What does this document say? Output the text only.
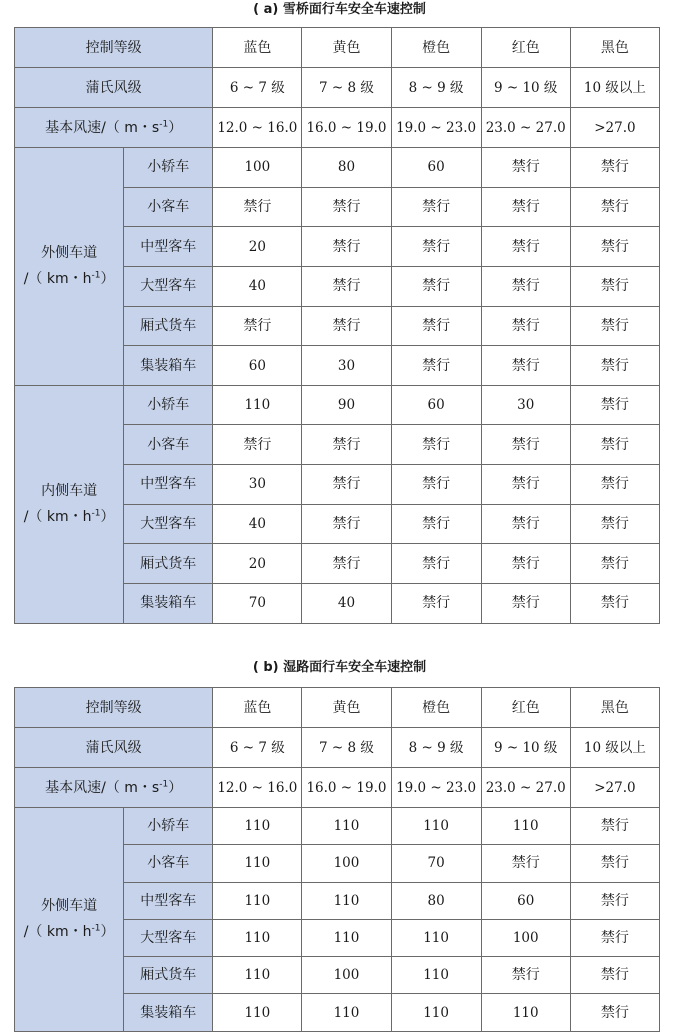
( a) 雪桥面行车安全车速控制
控制等级		蓝色	黄色	橙色	红色	黑色
蒲氏风级		6 ~ 7 级	7 ~ 8 级	8 ~ 9 级	9 ~ 10 级	10 级以上
基本风速/（ m・$s^{-1}$）		12.0 ~ 16.0	16.0 ~ 19.0	19.0 ~ 23.0	23.0 ~ 27.0	>27.0

外侧车道
/（ km・$h^{-1}$）	小轿车	100	80	60	禁行	禁行
	小客车	禁行	禁行	禁行	禁行	禁行
	中型客车	20	禁行	禁行	禁行	禁行
	大型客车	40	禁行	禁行	禁行	禁行
	厢式货车	禁行	禁行	禁行	禁行	禁行
	集装箱车	60	30	禁行	禁行	禁行

内侧车道
/（ km・$h^{-1}$）	小轿车	110	90	60	30	禁行
	小客车	禁行	禁行	禁行	禁行	禁行
	中型客车	30	禁行	禁行	禁行	禁行
	大型客车	40	禁行	禁行	禁行	禁行
	厢式货车	20	禁行	禁行	禁行	禁行
	集装箱车	70	40	禁行	禁行	禁行
( b) 湿路面行车安全车速控制
控制等级		蓝色	黄色	橙色	红色	黑色
蒲氏风级		6 ~ 7 级	7 ~ 8 级	8 ~ 9 级	9 ~ 10 级	10 级以上
基本风速/（ m・$s^{-1}$）		12.0 ~ 16.0	16.0 ~ 19.0	19.0 ~ 23.0	23.0 ~ 27.0	>27.0

外侧车道
/（ km・$h^{-1}$）	小轿车	110	110	110	110	禁行
	小客车	110	100	70	禁行	禁行
	中型客车	110	110	80	60	禁行
	大型客车	110	110	110	100	禁行
	厢式货车	110	100	110	禁行	禁行
	集装箱车	110	110	110	110	禁行
